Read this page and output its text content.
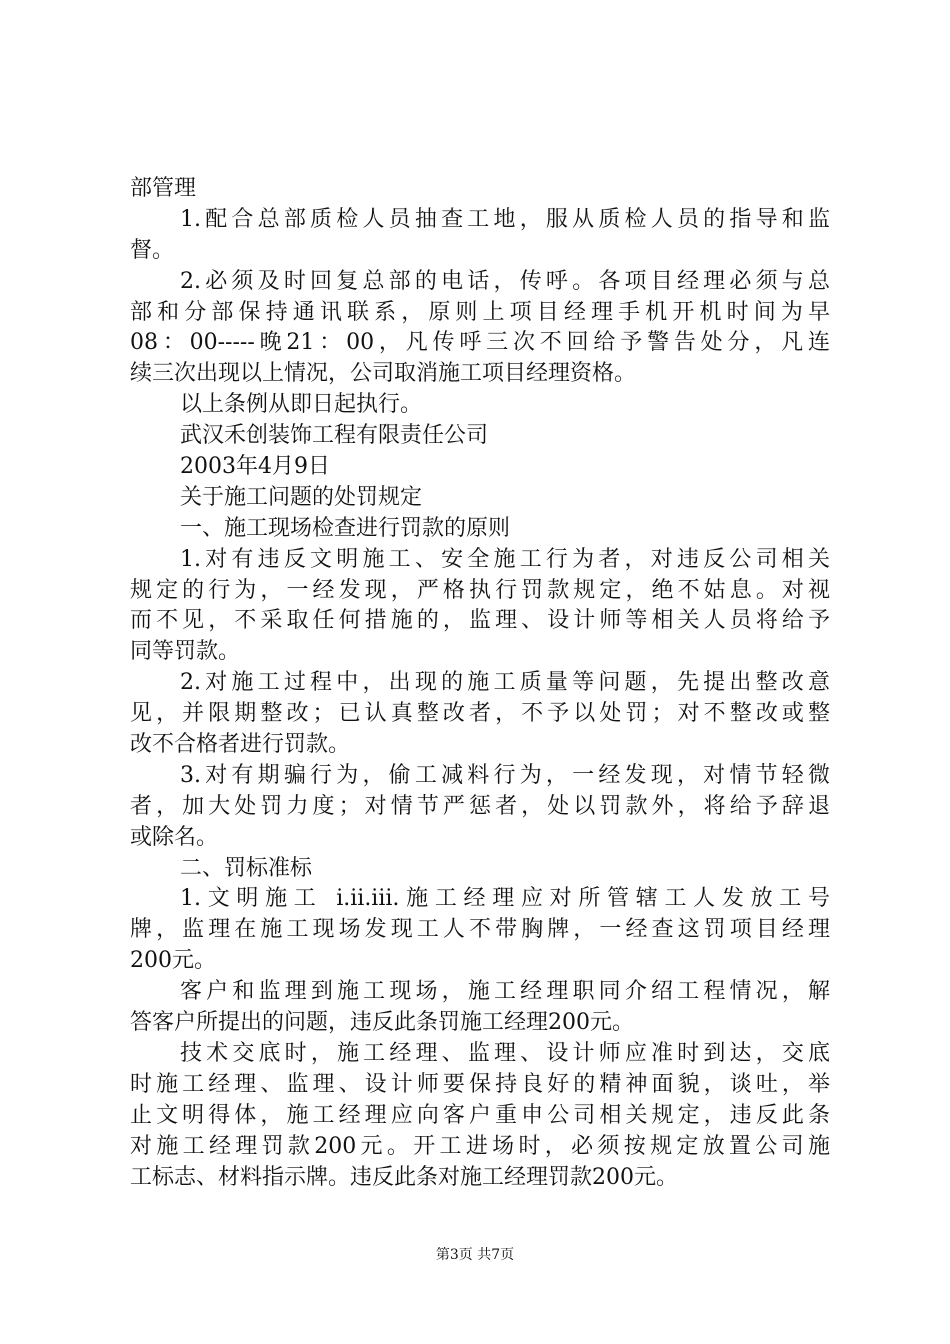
部管理
1.配合总部质检人员抽查工地，服从质检人员的指导和监
督。
2.必须及时回复总部的电话，传呼。各项目经理必须与总
部和分部保持通讯联系，原则上项目经理手机开机时间为早
08：00-----晚21：00，凡传呼三次不回给予警告处分，凡连
续三次出现以上情况，公司取消施工项目经理资格。
以上条例从即日起执行。
武汉禾创装饰工程有限责任公司
2003年4月9日
关于施工问题的处罚规定
一、施工现场检查进行罚款的原则
1.对有违反文明施工、安全施工行为者，对违反公司相关
规定的行为，一经发现，严格执行罚款规定，绝不姑息。对视
而不见，不采取任何措施的，监理、设计师等相关人员将给予
同等罚款。
2.对施工过程中，出现的施工质量等问题，先提出整改意
见，并限期整改；已认真整改者，不予以处罚；对不整改或整
改不合格者进行罚款。
3.对有期骗行为，偷工减料行为，一经发现，对情节轻微
者，加大处罚力度；对情节严惩者，处以罚款外，将给予辞退
或除名。
二、罚标准标
1.文明施工 i.ii.iii.施工经理应对所管辖工人发放工号
牌，监理在施工现场发现工人不带胸牌，一经查这罚项目经理
200元。
客户和监理到施工现场，施工经理职同介绍工程情况，解
答客户所提出的问题，违反此条罚施工经理200元。
技术交底时，施工经理、监理、设计师应准时到达，交底
时施工经理、监理、设计师要保持良好的精神面貌，谈吐，举
止文明得体，施工经理应向客户重申公司相关规定，违反此条
对施工经理罚款200元。开工进场时，必须按规定放置公司施
工标志、材料指示牌。违反此条对施工经理罚款200元。
第3页 共7页
